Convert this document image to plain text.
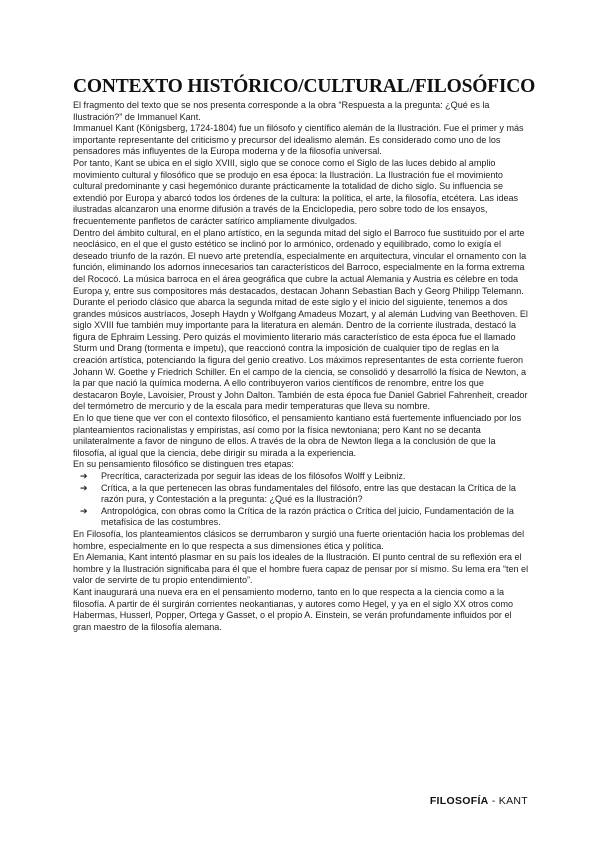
CONTEXTO HISTÓRICO/CULTURAL/FILOSÓFICO

El fragmento del texto que se nos presenta corresponde a la obra “Respuesta a la pregunta: ¿Qué es la Ilustración?” de Immanuel Kant.

Immanuel Kant (Königsberg, 1724-1804) fue un filósofo y científico alemán de la Ilustración. Fue el primer y más importante representante del criticismo y precursor del idealismo alemán. Es considerado como uno de los pensadores más influyentes de la Europa moderna y de la filosofía universal.

Por tanto, Kant se ubica en el siglo XVIII, siglo que se conoce como el Siglo de las luces debido al amplio movimiento cultural y filosófico que se produjo en esa época: la Ilustración. La Ilustración fue el movimiento cultural predominante y casi hegemónico durante prácticamente la totalidad de dicho siglo. Su influencia se extendió por Europa y abarcó todos los órdenes de la cultura: la política, el arte, la filosofía, etcétera. Las ideas ilustradas alcanzaron una enorme difusión a través de la Enciclopedia, pero sobre todo de los ensayos, frecuentemente panfletos de carácter satírico ampliamente divulgados.

Dentro del ámbito cultural, en el plano artístico, en la segunda mitad del siglo el Barroco fue sustituido por el arte neoclásico, en el que el gusto estético se inclinó por lo armónico, ordenado y equilibrado, como lo exigía el deseado triunfo de la razón. El nuevo arte pretendía, especialmente en arquitectura, vincular el ornamento con la función, eliminando los adornos innecesarios tan característicos del Barroco, especialmente en la forma extrema del Rococó. La música barroca en el área geográfica que cubre la actual Alemania y Austria es célebre en toda Europa y, entre sus compositores más destacados, destacan Johann Sebastian Bach y Georg Philipp Telemann. Durante el periodo clásico que abarca la segunda mitad de este siglo y el inicio del siguiente, tenemos a dos grandes músicos austríacos, Joseph Haydn y Wolfgang Amadeus Mozart, y al alemán Ludving van Beethoven. El siglo XVIII fue también muy importante para la literatura en alemán. Dentro de la corriente ilustrada, destacó la figura de Ephraim Lessing. Pero quizás el movimiento literario más característico de esta época fue el llamado Sturm und Drang (tormenta e ímpetu), que reaccionó contra la imposición de cualquier tipo de reglas en la creación artística, potenciando la figura del genio creativo. Los máximos representantes de esta corriente fueron Johann W. Goethe y Friedrich Schiller. En el campo de la ciencia, se consolidó y desarrolló la física de Newton, a la par que nació la química moderna. A ello contribuyeron varios científicos de renombre, entre los que destacaron Boyle, Lavoisier, Proust y John Dalton. También de esta época fue Daniel Gabriel Fahrenheit, creador del termómetro de mercurio y de la escala para medir temperaturas que lleva su nombre.

En lo que tiene que ver con el contexto filosófico, el pensamiento kantiano está fuertemente influenciado por los planteamientos racionalistas y empiristas, así como por la física newtoniana; pero Kant no se decanta unilateralmente a favor de ninguno de ellos. A través de la obra de Newton llega a la conclusión de que la filosofía, al igual que la ciencia, debe dirigir su mirada a la experiencia.

En su pensamiento filosófico se distinguen tres etapas:

➔ Precrítica, caracterizada por seguir las ideas de los filósofos Wolff y Leibniz.
➔ Crítica, a la que pertenecen las obras fundamentales del filósofo, entre las que destacan la Crítica de la razón pura, y Contestación a la pregunta: ¿Qué es la Ilustración?
➔ Antropológica, con obras como la Crítica de la razón práctica o Crítica del juicio, Fundamentación de la metafísica de las costumbres.

En Filosofía, los planteamientos clásicos se derrumbaron y surgió una fuerte orientación hacia los problemas del hombre, especialmente en lo que respecta a sus dimensiones ética y política.

En Alemania, Kant intentó plasmar en su país los ideales de la Ilustración. El punto central de su reflexión era el hombre y la Ilustración significaba para él que el hombre fuera capaz de pensar por sí mismo. Su lema era “ten el valor de servirte de tu propio entendimiento”.

Kant inaugurará una nueva era en el pensamiento moderno, tanto en lo que respecta a la ciencia como a la filosofía. A partir de él surgirán corrientes neokantianas, y autores como Hegel, y ya en el siglo XX otros como Habermas, Husserl, Popper, Ortega y Gasset, o el propio A. Einstein, se verán profundamente influidos por el gran maestro de la filosofía alemana.

FILOSOFÍA - KANT
